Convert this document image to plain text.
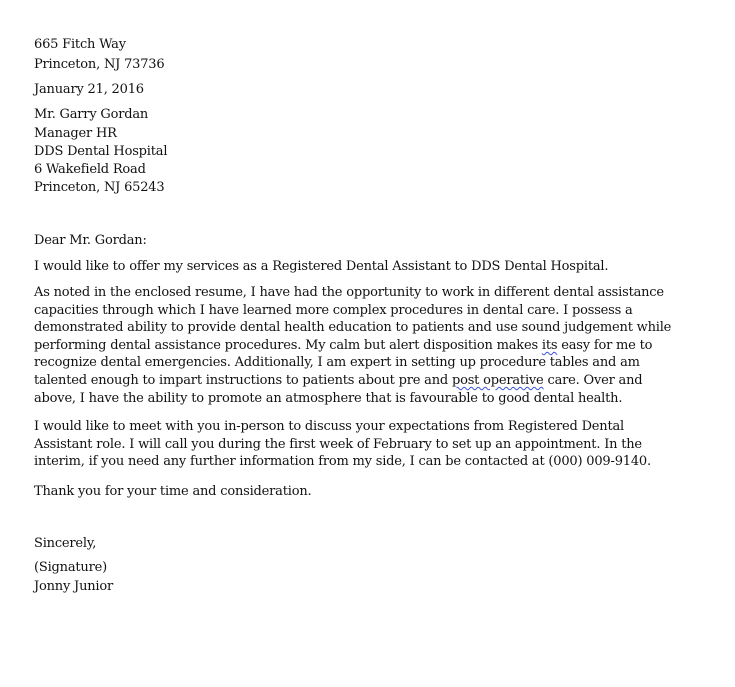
665 Fitch Way
Princeton, NJ 73736
January 21, 2016
Mr. Garry Gordan
Manager HR
DDS Dental Hospital
6 Wakefield Road
Princeton, NJ 65243
Dear Mr. Gordan:
I would like to offer my services as a Registered Dental Assistant to DDS Dental Hospital.
As noted in the enclosed resume, I have had the opportunity to work in different dental assistance
capacities through which I have learned more complex procedures in dental care. I possess a
demonstrated ability to provide dental health education to patients and use sound judgement while
performing dental assistance procedures. My calm but alert disposition makes its easy for me to
recognize dental emergencies. Additionally, I am expert in setting up procedure tables and am
talented enough to impart instructions to patients about pre and post operative care. Over and
above, I have the ability to promote an atmosphere that is favourable to good dental health.
I would like to meet with you in-person to discuss your expectations from Registered Dental
Assistant role. I will call you during the first week of February to set up an appointment. In the
interim, if you need any further information from my side, I can be contacted at (000) 009-9140.
Thank you for your time and consideration.
Sincerely,
(Signature)
Jonny Junior
